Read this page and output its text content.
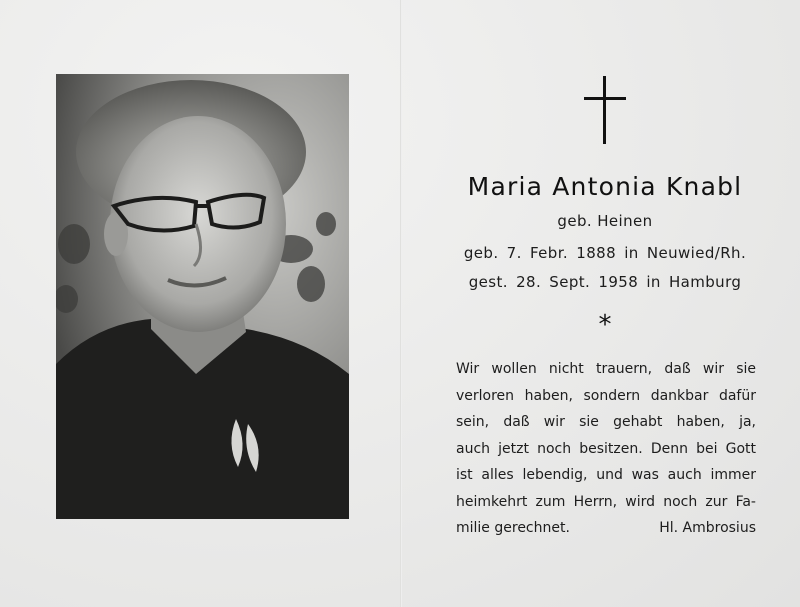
Maria Antonia Knabl
geb. Heinen
geb. 7. Febr. 1888 in Neuwied/Rh.
gest. 28. Sept. 1958 in Hamburg
*
Wir wollen nicht trauern, daß wir sie
verloren haben, sondern dankbar dafür
sein, daß wir sie gehabt haben, ja,
auch jetzt noch besitzen. Denn bei Gott
ist alles lebendig, und was auch immer
heimkehrt zum Herrn, wird noch zur Fa-
milie gerechnet.	Hl. Ambrosius
